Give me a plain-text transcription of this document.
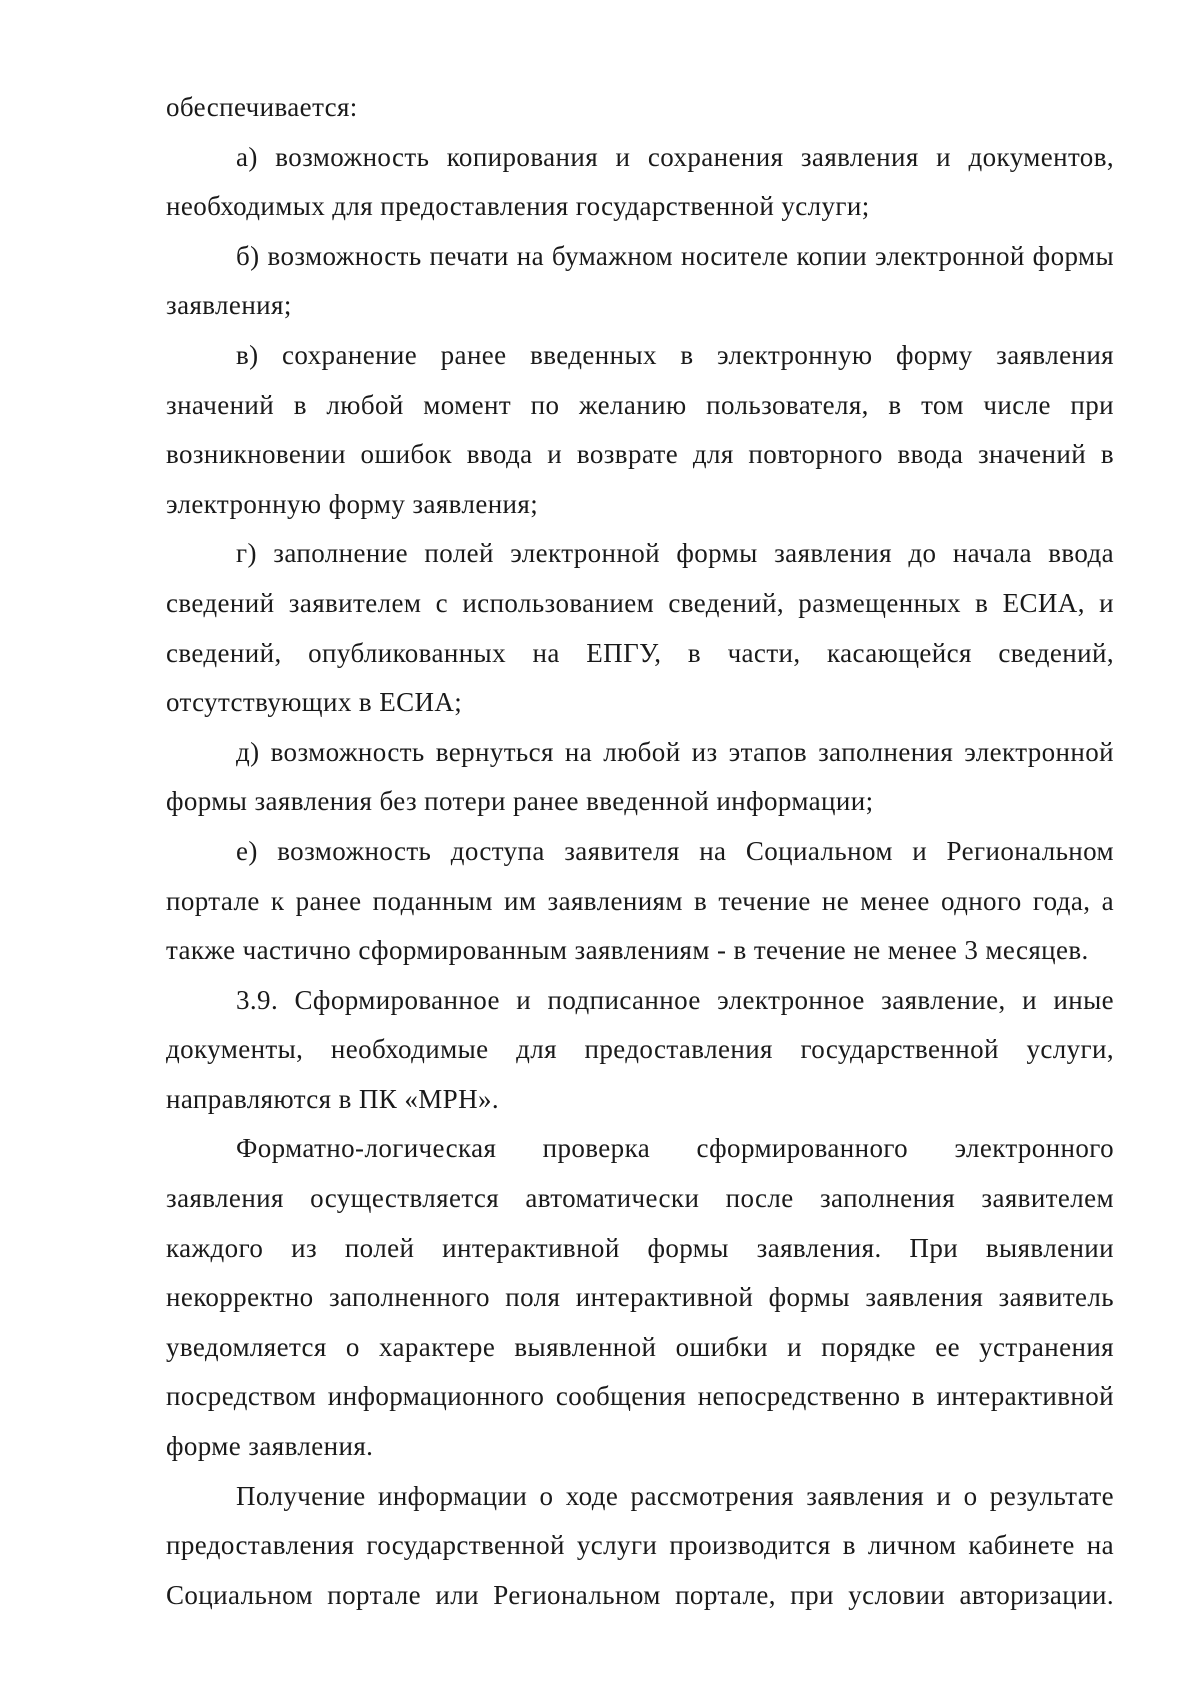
обеспечивается:

а) возможность копирования и сохранения заявления и документов, необходимых для предоставления государственной услуги;

б) возможность печати на бумажном носителе копии электронной формы заявления;

в) сохранение ранее введенных в электронную форму заявления значений в любой момент по желанию пользователя, в том числе при возникновении ошибок ввода и возврате для повторного ввода значений в электронную форму заявления;

г) заполнение полей электронной формы заявления до начала ввода сведений заявителем с использованием сведений, размещенных в ЕСИА, и сведений, опубликованных на ЕПГУ, в части, касающейся сведений, отсутствующих в ЕСИА;

д) возможность вернуться на любой из этапов заполнения электронной формы заявления без потери ранее введенной информации;

е) возможность доступа заявителя на Социальном и Региональном портале к ранее поданным им заявлениям в течение не менее одного года, а также частично сформированным заявлениям - в течение не менее 3 месяцев.

3.9. Сформированное и подписанное электронное заявление, и иные документы, необходимые для предоставления государственной услуги, направляются в ПК «МРН».

Форматно-логическая проверка сформированного электронного заявления осуществляется автоматически после заполнения заявителем каждого из полей интерактивной формы заявления. При выявлении некорректно заполненного поля интерактивной формы заявления заявитель уведомляется о характере выявленной ошибки и порядке ее устранения посредством информационного сообщения непосредственно в интерактивной форме заявления.

Получение информации о ходе рассмотрения заявления и о результате предоставления государственной услуги производится в личном кабинете на Социальном портале или Региональном портале, при условии авторизации.
